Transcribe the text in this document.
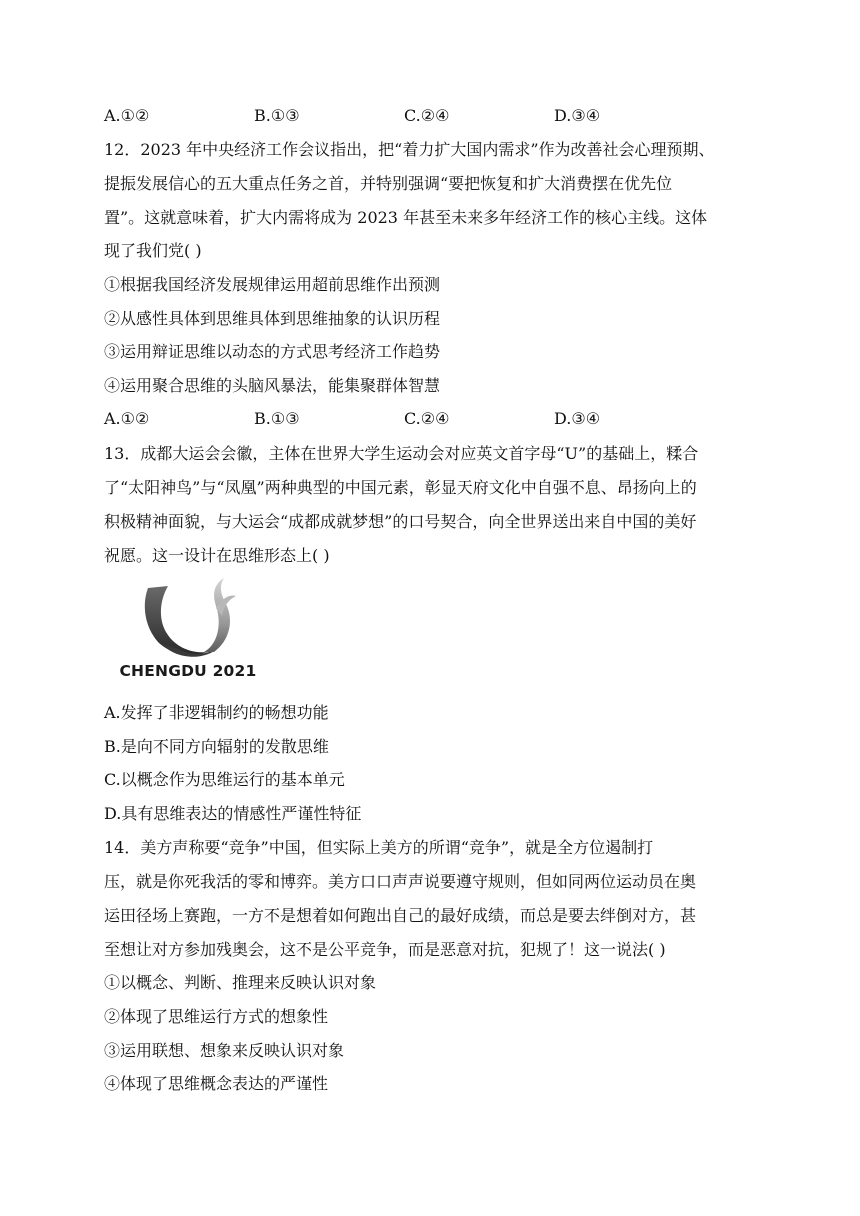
A.①②	B.①③	C.②④	D.③④
12．2023 年中央经济工作会议指出，把“着力扩大国内需求”作为改善社会心理预期、
提振发展信心的五大重点任务之首，并特别强调“要把恢复和扩大消费摆在优先位
置”。这就意味着，扩大内需将成为 2023 年甚至未来多年经济工作的核心主线。这体
现了我们党( )
①根据我国经济发展规律运用超前思维作出预测
②从感性具体到思维具体到思维抽象的认识历程
③运用辩证思维以动态的方式思考经济工作趋势
④运用聚合思维的头脑风暴法，能集聚群体智慧
A.①②	B.①③	C.②④	D.③④
13．成都大运会会徽，主体在世界大学生运动会对应英文首字母“U”的基础上，糅合
了“太阳神鸟”与“凤凰”两种典型的中国元素，彰显天府文化中自强不息、昂扬向上的
积极精神面貌，与大运会“成都成就梦想”的口号契合，向全世界送出来自中国的美好
祝愿。这一设计在思维形态上( )
CHENGDU 2021
A.发挥了非逻辑制约的畅想功能
B.是向不同方向辐射的发散思维
C.以概念作为思维运行的基本单元
D.具有思维表达的情感性严谨性特征
14．美方声称要“竞争”中国，但实际上美方的所谓“竞争”，就是全方位遏制打
压，就是你死我活的零和博弈。美方口口声声说要遵守规则，但如同两位运动员在奥
运田径场上赛跑，一方不是想着如何跑出自己的最好成绩，而总是要去绊倒对方，甚
至想让对方参加残奥会，这不是公平竞争，而是恶意对抗，犯规了！这一说法( )
①以概念、判断、推理来反映认识对象
②体现了思维运行方式的想象性
③运用联想、想象来反映认识对象
④体现了思维概念表达的严谨性
